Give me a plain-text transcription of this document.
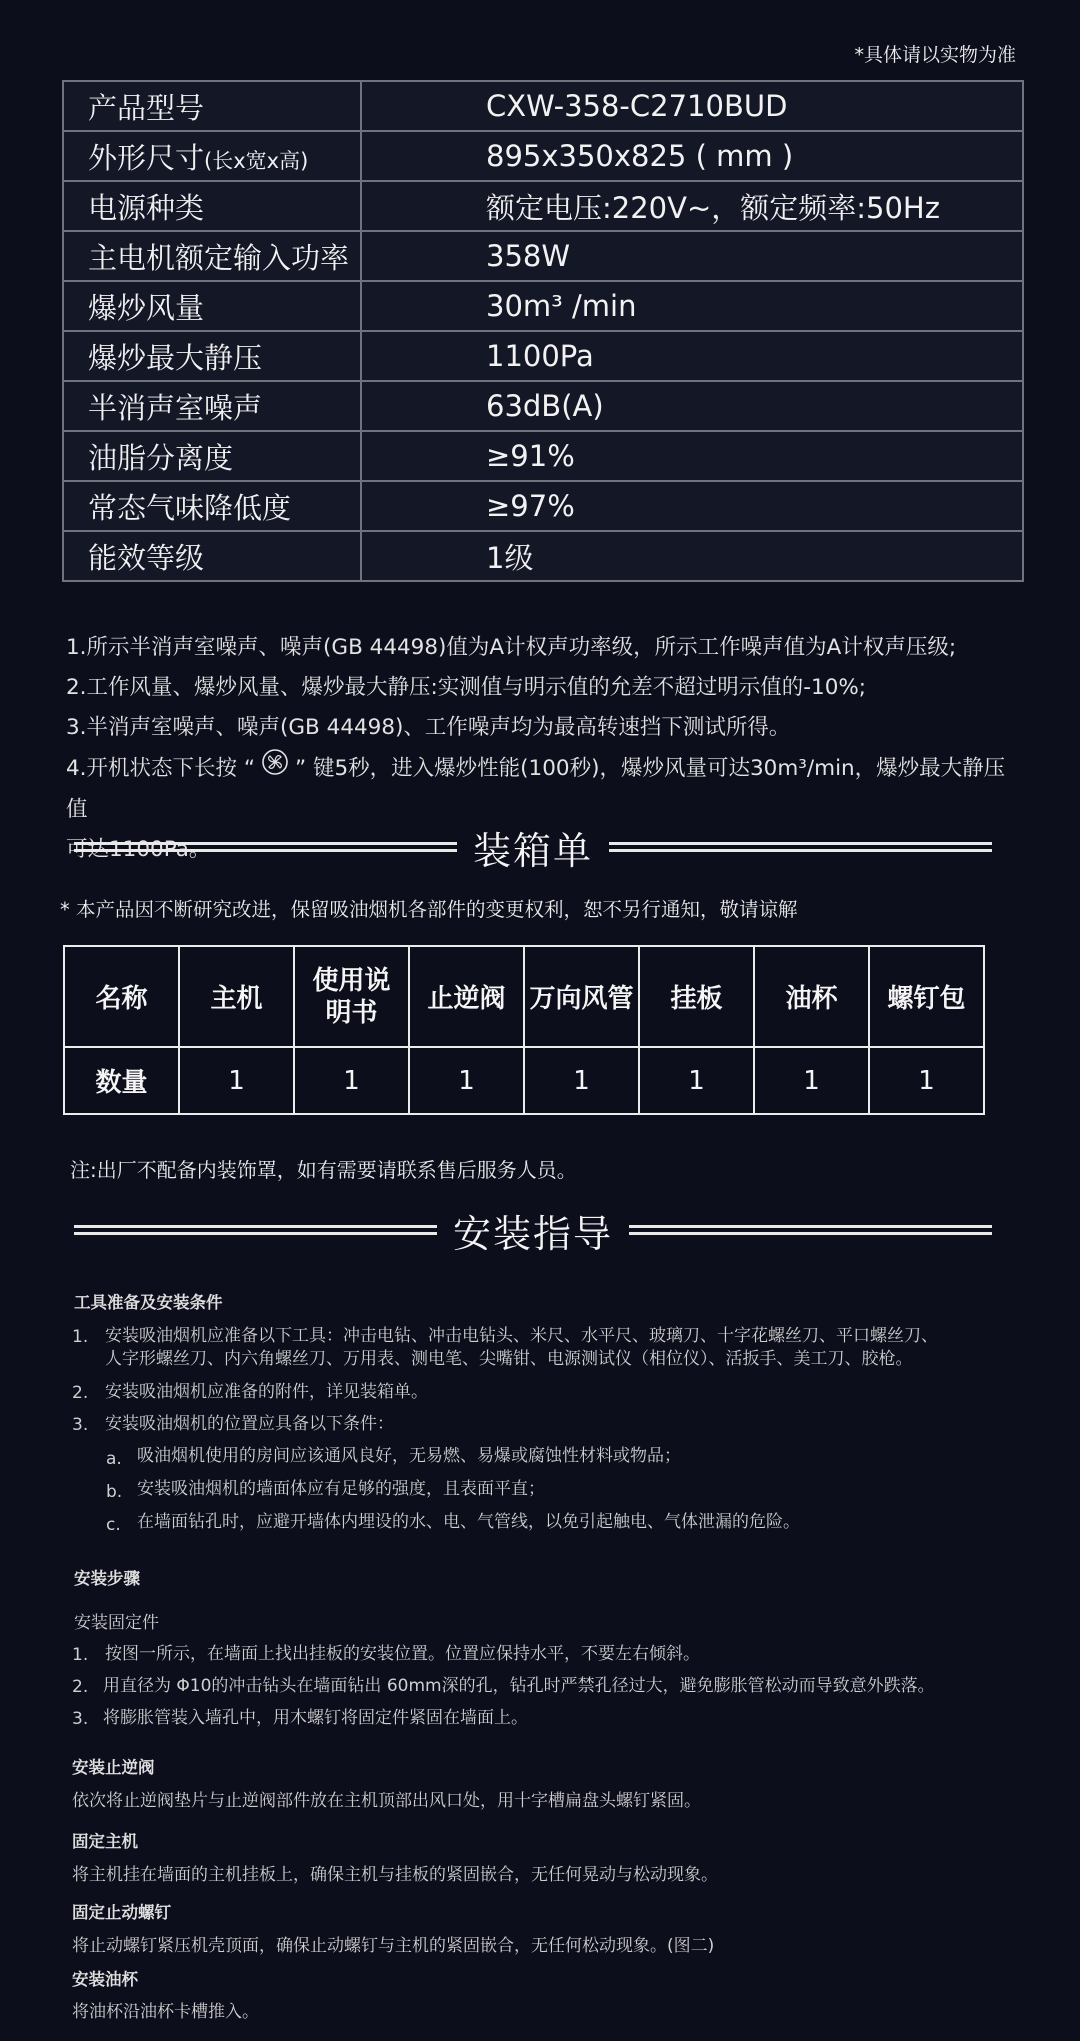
*具体请以实物为准
产品型号	CXW-358-C2710BUD
外形尺寸(长x宽x高)	895x350x825 ( mm )
电源种类	额定电压:220V~，额定频率:50Hz
主电机额定输入功率	358W
爆炒风量	30m³ /min
爆炒最大静压	1100Pa
半消声室噪声	63dB(A)
油脂分离度	≥91%
常态气味降低度	≥97%
能效等级	1级

1.所示半消声室噪声、噪声(GB 44498)值为A计权声功率级，所示工作噪声值为A计权声压级;

2.工作风量、爆炒风量、爆炒最大静压:实测值与明示值的允差不超过明示值的-10%;

3.半消声室噪声、噪声(GB 44498)、工作噪声均为最高转速挡下测试所得。

4.开机状态下长按 “ ” 键5秒，进入爆炒性能(100秒)，爆炒风量可达30m³/min，爆炒最大静压值

可达1100Pa。	装箱单
* 本产品因不断研究改进，保留吸油烟机各部件的变更权利，恕不另行通知，敬请谅解
名称	主机	使用说明书	止逆阀	万向风管	挂板	油杯	螺钉包
数量	1	1	1	1	1	1	1
注:出厂不配备内装饰罩，如有需要请联系售后服务人员。
安装指导
工具准备及安装条件
1. 安装吸油烟机应准备以下工具：冲击电钻、冲击电钻头、米尺、水平尺、玻璃刀、十字花螺丝刀、平口螺丝刀、
人字形螺丝刀、内六角螺丝刀、万用表、测电笔、尖嘴钳、电源测试仪（相位仪）、活扳手、美工刀、胶枪。
2. 安装吸油烟机应准备的附件，详见装箱单。
3. 安装吸油烟机的位置应具备以下条件：
a. 吸油烟机使用的房间应该通风良好，无易燃、易爆或腐蚀性材料或物品；
b. 安装吸油烟机的墙面体应有足够的强度，且表面平直；
c. 在墙面钻孔时，应避开墙体内埋设的水、电、气管线，以免引起触电、气体泄漏的危险。
安装步骤
安装固定件
1. 按图一所示，在墙面上找出挂板的安装位置。位置应保持水平，不要左右倾斜。
2. 用直径为 Φ10的冲击钻头在墙面钻出 60mm深的孔，钻孔时严禁孔径过大，避免膨胀管松动而导致意外跌落。
3. 将膨胀管装入墙孔中，用木螺钉将固定件紧固在墙面上。
安装止逆阀
依次将止逆阀垫片与止逆阀部件放在主机顶部出风口处，用十字槽扁盘头螺钉紧固。
固定主机
将主机挂在墙面的主机挂板上，确保主机与挂板的紧固嵌合，无任何晃动与松动现象。
固定止动螺钉
将止动螺钉紧压机壳顶面，确保止动螺钉与主机的紧固嵌合，无任何松动现象。(图二)
安装油杯
将油杯沿油杯卡槽推入。
